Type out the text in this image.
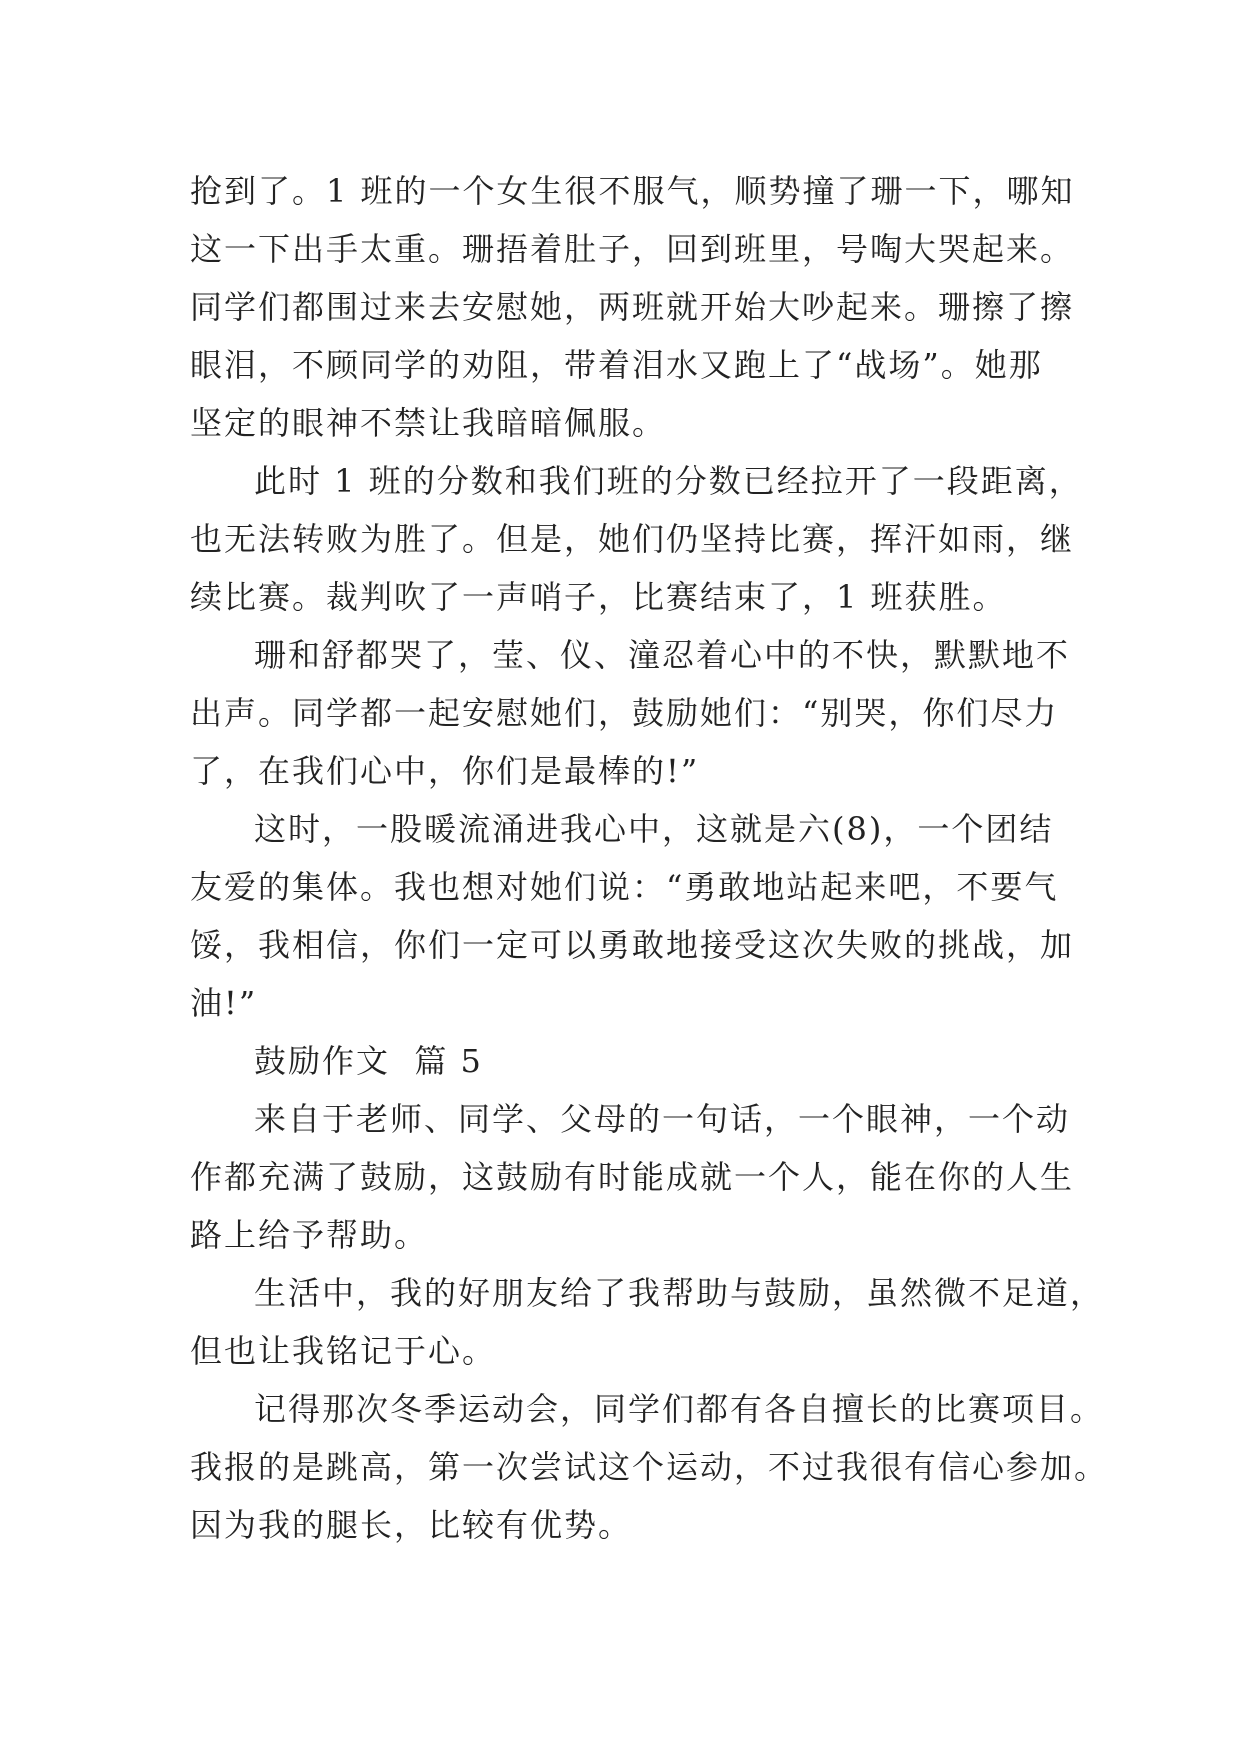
抢到了。1 班的一个女生很不服气，顺势撞了珊一下，哪知
这一下出手太重。珊捂着肚子，回到班里，号啕大哭起来。
同学们都围过来去安慰她，两班就开始大吵起来。珊擦了擦
眼泪，不顾同学的劝阻，带着泪水又跑上了“战场”。她那
坚定的眼神不禁让我暗暗佩服。

此时 1 班的分数和我们班的分数已经拉开了一段距离，
也无法转败为胜了。但是，她们仍坚持比赛，挥汗如雨，继
续比赛。裁判吹了一声哨子，比赛结束了，1 班获胜。

珊和舒都哭了，莹、仪、潼忍着心中的不快，默默地不
出声。同学都一起安慰她们，鼓励她们：“别哭，你们尽力
了，在我们心中，你们是最棒的!”

这时，一股暖流涌进我心中，这就是六(8)，一个团结
友爱的集体。我也想对她们说：“勇敢地站起来吧，不要气
馁，我相信，你们一定可以勇敢地接受这次失败的挑战，加
油!”

鼓励作文  篇 5

来自于老师、同学、父母的一句话，一个眼神，一个动
作都充满了鼓励，这鼓励有时能成就一个人，能在你的人生
路上给予帮助。

生活中，我的好朋友给了我帮助与鼓励，虽然微不足道，
但也让我铭记于心。

记得那次冬季运动会，同学们都有各自擅长的比赛项目。
我报的是跳高，第一次尝试这个运动，不过我很有信心参加。
因为我的腿长，比较有优势。
